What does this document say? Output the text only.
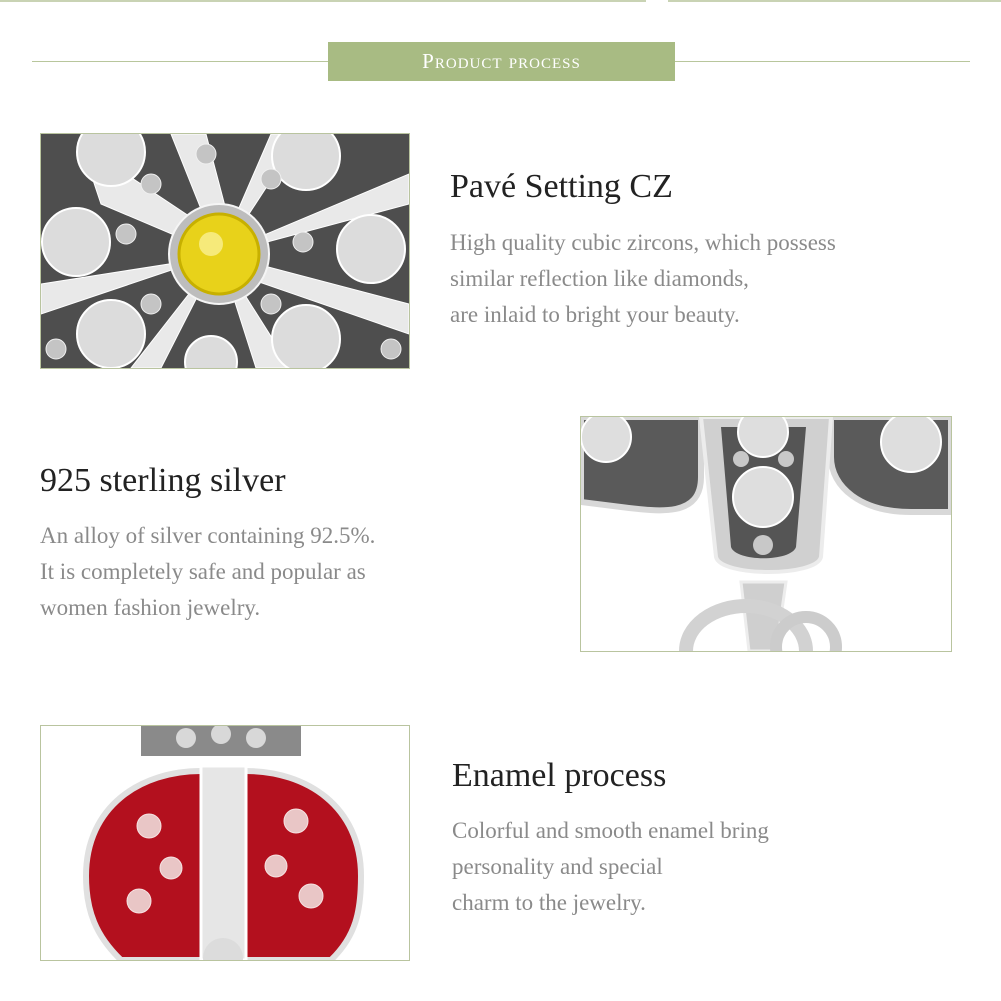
Product process
Pavé Setting CZ
High quality cubic zircons, which possess
similar reflection like diamonds,
are inlaid to bright your beauty.
925 sterling silver
An alloy of silver containing 92.5%.
It is completely safe and popular as
women fashion jewelry.
Enamel process
Colorful and smooth enamel bring
personality and special
charm to the jewelry.
